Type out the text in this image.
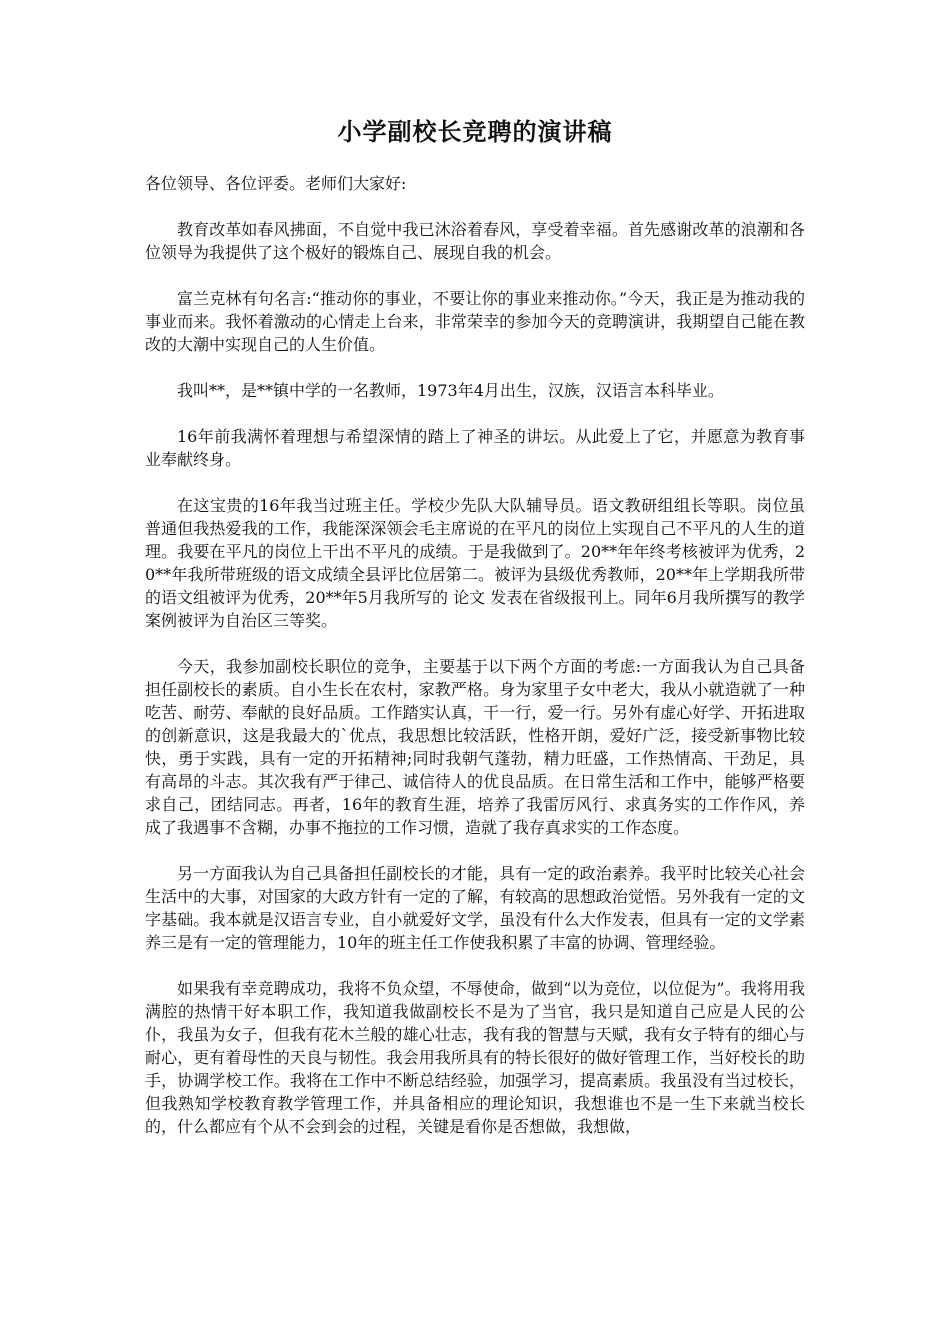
小学副校长竞聘的演讲稿

各位领导、各位评委。老师们大家好:

教育改革如春风拂面，不自觉中我已沐浴着春风，享受着幸福。首先感谢改革的浪潮和各位领导为我提供了这个极好的锻炼自己、展现自我的机会。

富兰克林有句名言:“推动你的事业，不要让你的事业来推动你。”今天，我正是为推动我的事业而来。我怀着激动的心情走上台来，非常荣幸的参加今天的竞聘演讲，我期望自己能在教改的大潮中实现自己的人生价值。

我叫**，是**镇中学的一名教师，1973年4月出生，汉族，汉语言本科毕业。

16年前我满怀着理想与希望深情的踏上了神圣的讲坛。从此爱上了它，并愿意为教育事业奉献终身。

在这宝贵的16年我当过班主任。学校少先队大队辅导员。语文教研组组长等职。岗位虽普通但我热爱我的工作，我能深深领会毛主席说的在平凡的岗位上实现自己不平凡的人生的道理。我要在平凡的岗位上干出不平凡的成绩。于是我做到了。20**年年终考核被评为优秀，20**年我所带班级的语文成绩全县评比位居第二。被评为县级优秀教师，20**年上学期我所带的语文组被评为优秀，20**年5月我所写的 论文 发表在省级报刊上。同年6月我所撰写的教学案例被评为自治区三等奖。

今天，我参加副校长职位的竞争，主要基于以下两个方面的考虑:一方面我认为自己具备担任副校长的素质。自小生长在农村，家教严格。身为家里子女中老大，我从小就造就了一种吃苦、耐劳、奉献的良好品质。工作踏实认真，干一行，爱一行。另外有虚心好学、开拓进取的创新意识，这是我最大的`优点，我思想比较活跃，性格开朗，爱好广泛，接受新事物比较快，勇于实践，具有一定的开拓精神;同时我朝气蓬勃，精力旺盛，工作热情高、干劲足，具有高昂的斗志。其次我有严于律己、诚信待人的优良品质。在日常生活和工作中，能够严格要求自己，团结同志。再者，16年的教育生涯，培养了我雷厉风行、求真务实的工作作风，养成了我遇事不含糊，办事不拖拉的工作习惯，造就了我存真求实的工作态度。

另一方面我认为自己具备担任副校长的才能，具有一定的政治素养。我平时比较关心社会生活中的大事，对国家的大政方针有一定的了解，有较高的思想政治觉悟。另外我有一定的文字基础。我本就是汉语言专业，自小就爱好文学，虽没有什么大作发表，但具有一定的文学素养三是有一定的管理能力，10年的班主任工作使我积累了丰富的协调、管理经验。

如果我有幸竞聘成功，我将不负众望，不辱使命，做到“以为竞位，以位促为”。我将用我满腔的热情干好本职工作，我知道我做副校长不是为了当官，我只是知道自己应是人民的公仆，我虽为女子，但我有花木兰般的雄心壮志，我有我的智慧与天赋，我有女子特有的细心与耐心，更有着母性的天良与韧性。我会用我所具有的特长很好的做好管理工作，当好校长的助手，协调学校工作。我将在工作中不断总结经验，加强学习，提高素质。我虽没有当过校长，但我熟知学校教育教学管理工作，并具备相应的理论知识，我想谁也不是一生下来就当校长的，什么都应有个从不会到会的过程，关键是看你是否想做，我想做，
